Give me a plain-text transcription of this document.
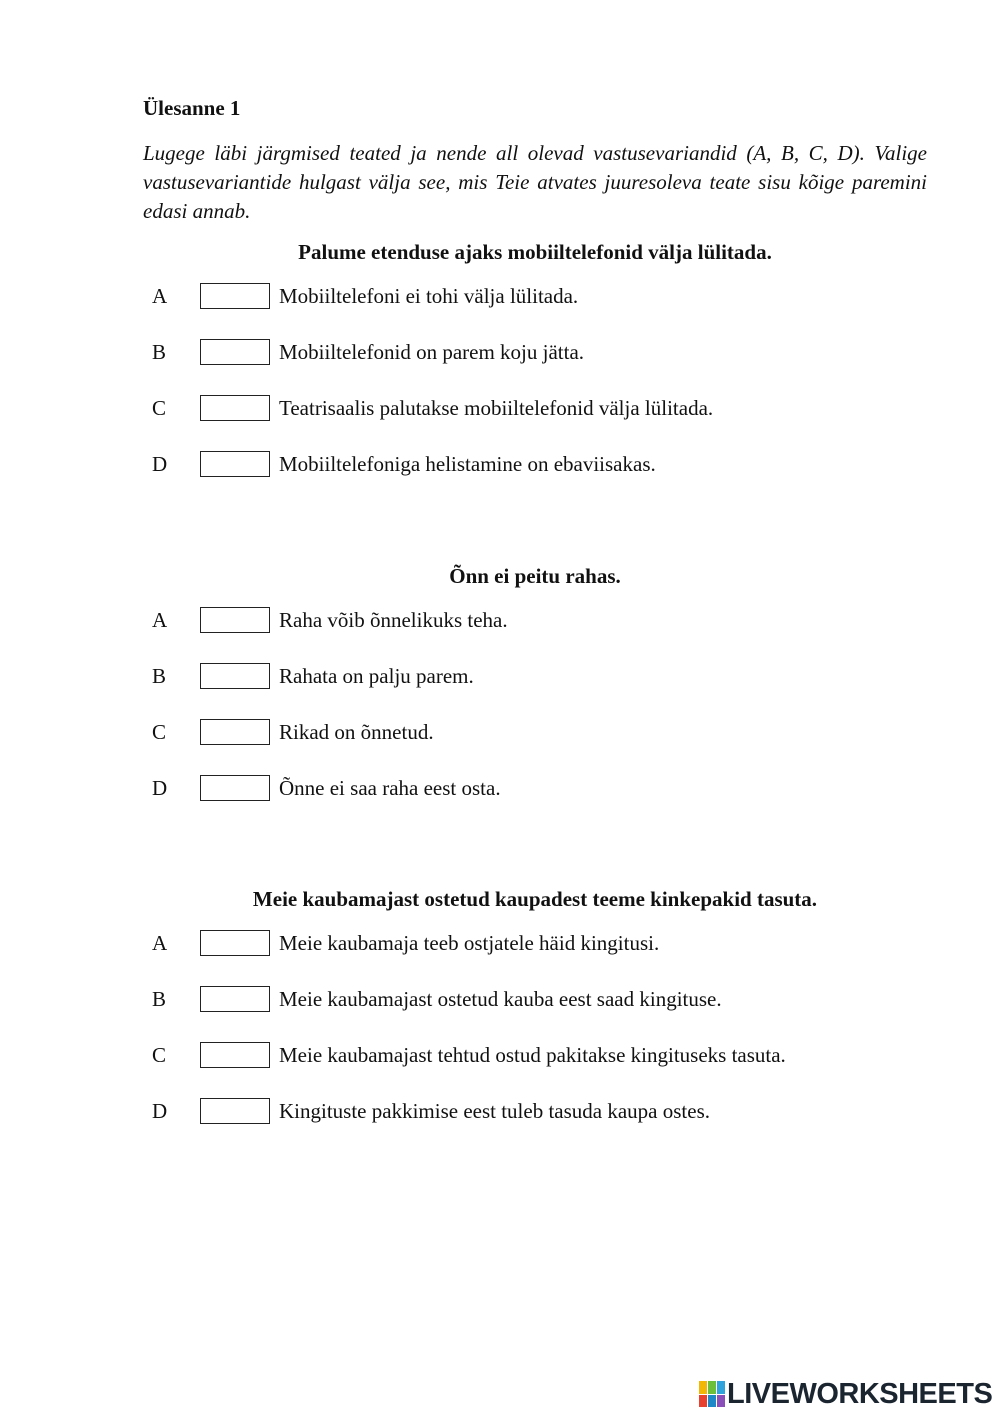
Ülesanne 1

Lugege läbi järgmised teated ja nende all olevad vastusevariandid (A, B, C, D). Valige vastusevariantide hulgast välja see, mis Teie atvates juuresoleva teate sisu kõige paremini edasi annab.

Palume etenduse ajaks mobiiltelefonid välja lülitada.

A	Mobiiltelefoni ei tohi välja lülitada.
B	Mobiiltelefonid on parem koju jätta.
C	Teatrisaalis palutakse mobiiltelefonid välja lülitada.
D	Mobiiltelefoniga helistamine on ebaviisakas.

Õnn ei peitu rahas.

A	Raha võib õnnelikuks teha.
B	Rahata on palju parem.
C	Rikad on õnnetud.
D	Õnne ei saa raha eest osta.

Meie kaubamajast ostetud kaupadest teeme kinkepakid tasuta.

A	Meie kaubamaja teeb ostjatele häid kingitusi.
B	Meie kaubamajast ostetud kauba eest saad kingituse.
C	Meie kaubamajast tehtud ostud pakitakse kingituseks tasuta.
D	Kingituste pakkimise eest tuleb tasuda kaupa ostes.
LIVEWORKSHEETS
